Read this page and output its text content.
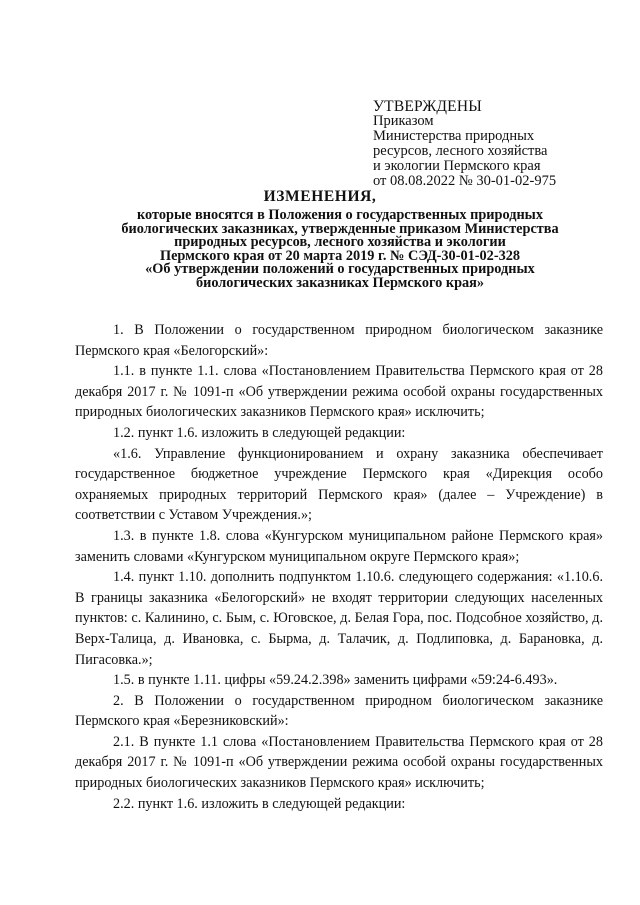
УТВЕРЖДЕНЫ
Приказом
Министерства природных
ресурсов, лесного хозяйства
и экологии Пермского края
от 08.08.2022 № 30-01-02-975
ИЗМЕНЕНИЯ,
которые вносятся в Положения о государственных природных
биологических заказниках, утвержденные приказом Министерства
природных ресурсов, лесного хозяйства и экологии
Пермского края от 20 марта 2019 г. № СЭД-30-01-02-328
«Об утверждении положений о государственных природных
биологических заказниках Пермского края»

1. В Положении о государственном природном биологическом заказнике Пермского края «Белогорский»:

1.1. в пункте 1.1. слова «Постановлением Правительства Пермского края от 28 декабря 2017 г. № 1091-п «Об утверждении режима особой охраны государственных природных биологических заказников Пермского края» исключить;

1.2. пункт 1.6. изложить в следующей редакции:

«1.6. Управление функционированием и охрану заказника обеспечивает государственное бюджетное учреждение Пермского края «Дирекция особо охраняемых природных территорий Пермского края» (далее – Учреждение) в соответствии с Уставом Учреждения.»;

1.3. в пункте 1.8. слова «Кунгурском муниципальном районе Пермского края» заменить словами «Кунгурском муниципальном округе Пермского края»;

1.4. пункт 1.10. дополнить подпунктом 1.10.6. следующего содержания: «1.10.6. В границы заказника «Белогорский» не входят территории следующих населенных пунктов: с. Калинино, с. Бым, с. Юговское, д. Белая Гора, пос. Подсобное хозяйство, д. Верх-Талица, д. Ивановка, с. Бырма, д. Талачик, д. Подлиповка, д. Барановка, д. Пигасовка.»;

1.5. в пункте 1.11. цифры «59.24.2.398» заменить цифрами «59:24-6.493».

2. В Положении о государственном природном биологическом заказнике Пермского края «Березниковский»:

2.1. В пункте 1.1 слова «Постановлением Правительства Пермского края от 28 декабря 2017 г. № 1091-п «Об утверждении режима особой охраны государственных природных биологических заказников Пермского края» исключить;

2.2. пункт 1.6. изложить в следующей редакции:
